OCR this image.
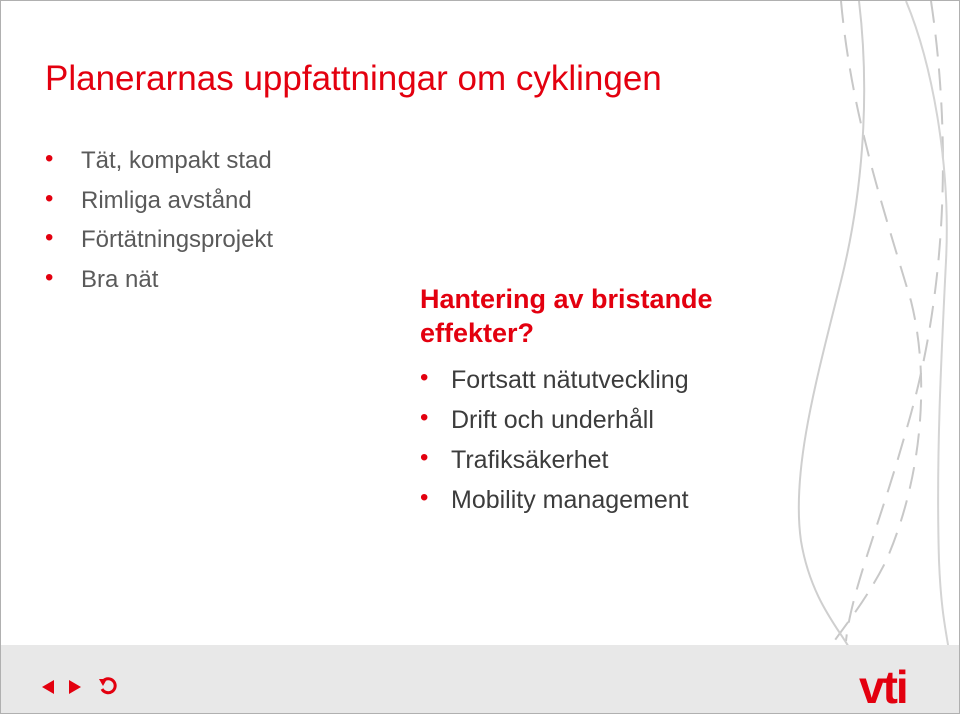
Planerarnas uppfattningar om cyklingen
• Tät, kompakt stad
• Rimliga avstånd
• Förtätningsprojekt
• Bra nät
Hantering av bristande effekter?
• Fortsatt nätutveckling
• Drift och underhåll
• Trafiksäkerhet
• Mobility management
vti
